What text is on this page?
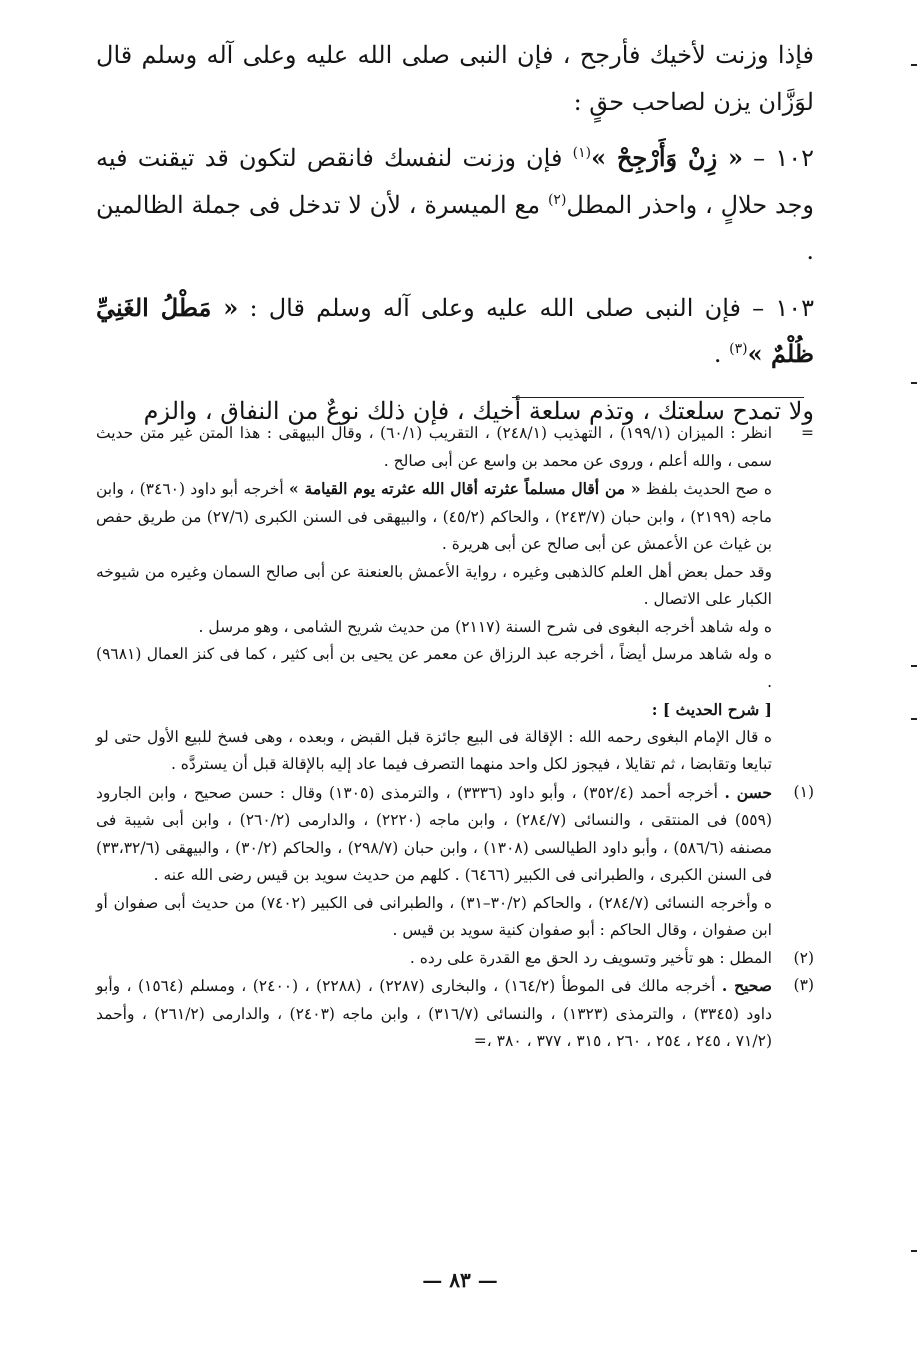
فإذا وزنت لأخيك فأرجح ، فإن النبى صلى الله عليه وعلى آله وسلم قال لوَزَّان يزن لصاحب حقٍ :

١٠٢ – « زِنْ وَأَرْجِحْ »$^{(١)}$ فإن وزنت لنفسك فانقص لتكون قد تيقنت فيه وجد حلالٍ ، واحذر المطل$^{(٢)}$ مع الميسرة ، لأن لا تدخل فى جملة الظالمين .

١٠٣ – فإن النبى صلى الله عليه وعلى آله وسلم قال : « مَطْلُ الغَنِيِّ ظُلْمٌ »$^{(٣)}$ .

ولا تمدح سلعتك ، وتذم سلعة أخيك ، فإن ذلك نوعٌ من النفاق ، والزم

=

انظر : الميزان (١٩٩/١) ، التهذيب (٢٤٨/١) ، التقريب (٦٠/١) ، وقال البيهقى : هذا المتن غير متن حديث سمى ، والله أعلم ، وروى عن محمد بن واسع عن أبى صالح .

ه صح الحديث بلفظ « من أقال مسلماً عثرته أقال الله عثرته يوم القيامة » أخرجه أبو داود (٣٤٦٠) ، وابن ماجه (٢١٩٩) ، وابن حبان (٢٤٣/٧) ، والحاكم (٤٥/٢) ، والبيهقى فى السنن الكبرى (٢٧/٦) من طريق حفص بن غياث عن الأعمش عن أبى صالح عن أبى هريرة .

وقد حمل بعض أهل العلم كالذهبى وغيره ، رواية الأعمش بالعنعنة عن أبى صالح السمان وغيره من شيوخه الكبار على الاتصال .

ه وله شاهد أخرجه البغوى فى شرح السنة (٢١١٧) من حديث شريح الشامى ، وهو مرسل .

ه وله شاهد مرسل أيضاً ، أخرجه عبد الرزاق عن معمر عن يحيى بن أبى كثير ، كما فى كنز العمال (٩٦٨١) .

[ شرح الحديث ] :

ه قال الإمام البغوى رحمه الله : الإقالة فى البيع جائزة قبل القبض ، وبعده ، وهى فسخ للبيع الأول حتى لو تبايعا وتقابضا ، ثم تقايلا ، فيجوز لكل واحد منهما التصرف فيما عاد إليه بالإقالة قبل أن يستردَّه .

(١)

حسن . أخرجه أحمد (٣٥٢/٤) ، وأبو داود (٣٣٣٦) ، والترمذى (١٣٠٥) وقال : حسن صحيح ، وابن الجارود (٥٥٩) فى المنتقى ، والنسائى (٢٨٤/٧) ، وابن ماجه (٢٢٢٠) ، والدارمى (٢٦٠/٢) ، وابن أبى شيبة فى مصنفه (٥٨٦/٦) ، وأبو داود الطيالسى (١٣٠٨) ، وابن حبان (٢٩٨/٧) ، والحاكم (٣٠/٢) ، والبيهقى (٣٣،٣٢/٦) فى السنن الكبرى ، والطبرانى فى الكبير (٦٤٦٦) . كلهم من حديث سويد بن قيس رضى الله عنه .

ه وأخرجه النسائى (٢٨٤/٧) ، والحاكم (٣٠/٢–٣١) ، والطبرانى فى الكبير (٧٤٠٢) من حديث أبى صفوان أو ابن صفوان ، وقال الحاكم : أبو صفوان كنية سويد بن قيس .

(٢)

المطل : هو تأخير وتسويف رد الحق مع القدرة على رده .

(٣)

صحيح . أخرجه مالك فى الموطأ (١٦٤/٢) ، والبخارى (٢٢٨٧) ، (٢٢٨٨) ، (٢٤٠٠) ، ومسلم (١٥٦٤) ، وأبو داود (٣٣٤٥) ، والترمذى (١٣٢٣) ، والنسائى (٣١٦/٧) ، وابن ماجه (٢٤٠٣) ، والدارمى (٢٦١/٢) ، وأحمد (٧١/٢ ، ٢٤٥ ، ٢٥٤ ، ٢٦٠ ، ٣١٥ ، ٣٧٧ ، ٣٨٠ ،=

— ٨٣ —
